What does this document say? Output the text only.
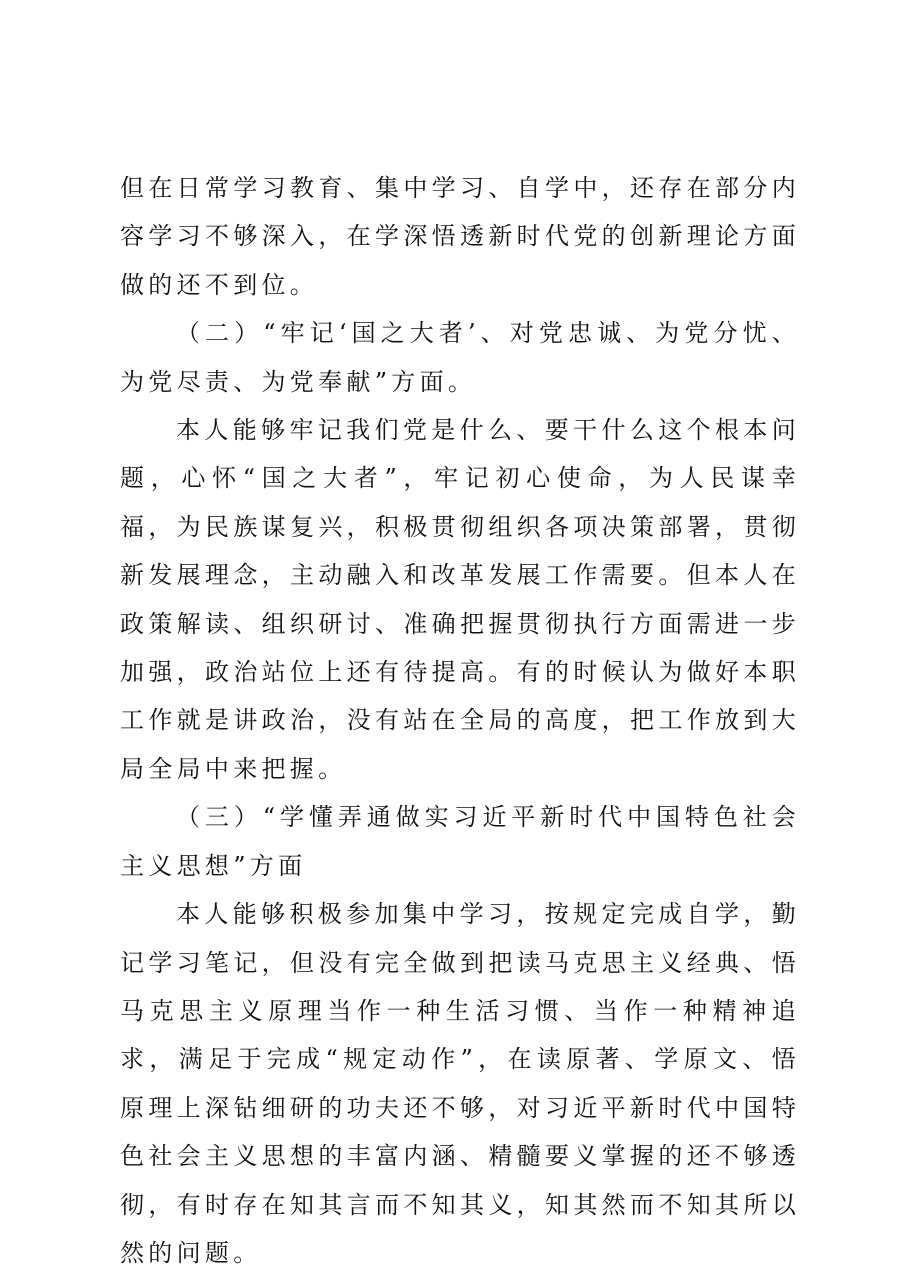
但在日常学习教育、集中学习、自学中，还存在部分内容学习不够深入，在学深悟透新时代党的创新理论方面做的还不到位。

（二）“牢记‘国之大者’、对党忠诚、为党分忧、为党尽责、为党奉献”方面。

本人能够牢记我们党是什么、要干什么这个根本问题，心怀“国之大者”，牢记初心使命，为人民谋幸福，为民族谋复兴，积极贯彻组织各项决策部署，贯彻新发展理念，主动融入和改革发展工作需要。但本人在政策解读、组织研讨、准确把握贯彻执行方面需进一步加强，政治站位上还有待提高。有的时候认为做好本职工作就是讲政治，没有站在全局的高度，把工作放到大局全局中来把握。

（三）“学懂弄通做实习近平新时代中国特色社会主义思想”方面

本人能够积极参加集中学习，按规定完成自学，勤记学习笔记，但没有完全做到把读马克思主义经典、悟马克思主义原理当作一种生活习惯、当作一种精神追求，满足于完成“规定动作”，在读原著、学原文、悟原理上深钻细研的功夫还不够，对习近平新时代中国特色社会主义思想的丰富内涵、精髓要义掌握的还不够透彻，有时存在知其言而不知其义，知其然而不知其所以然的问题。
